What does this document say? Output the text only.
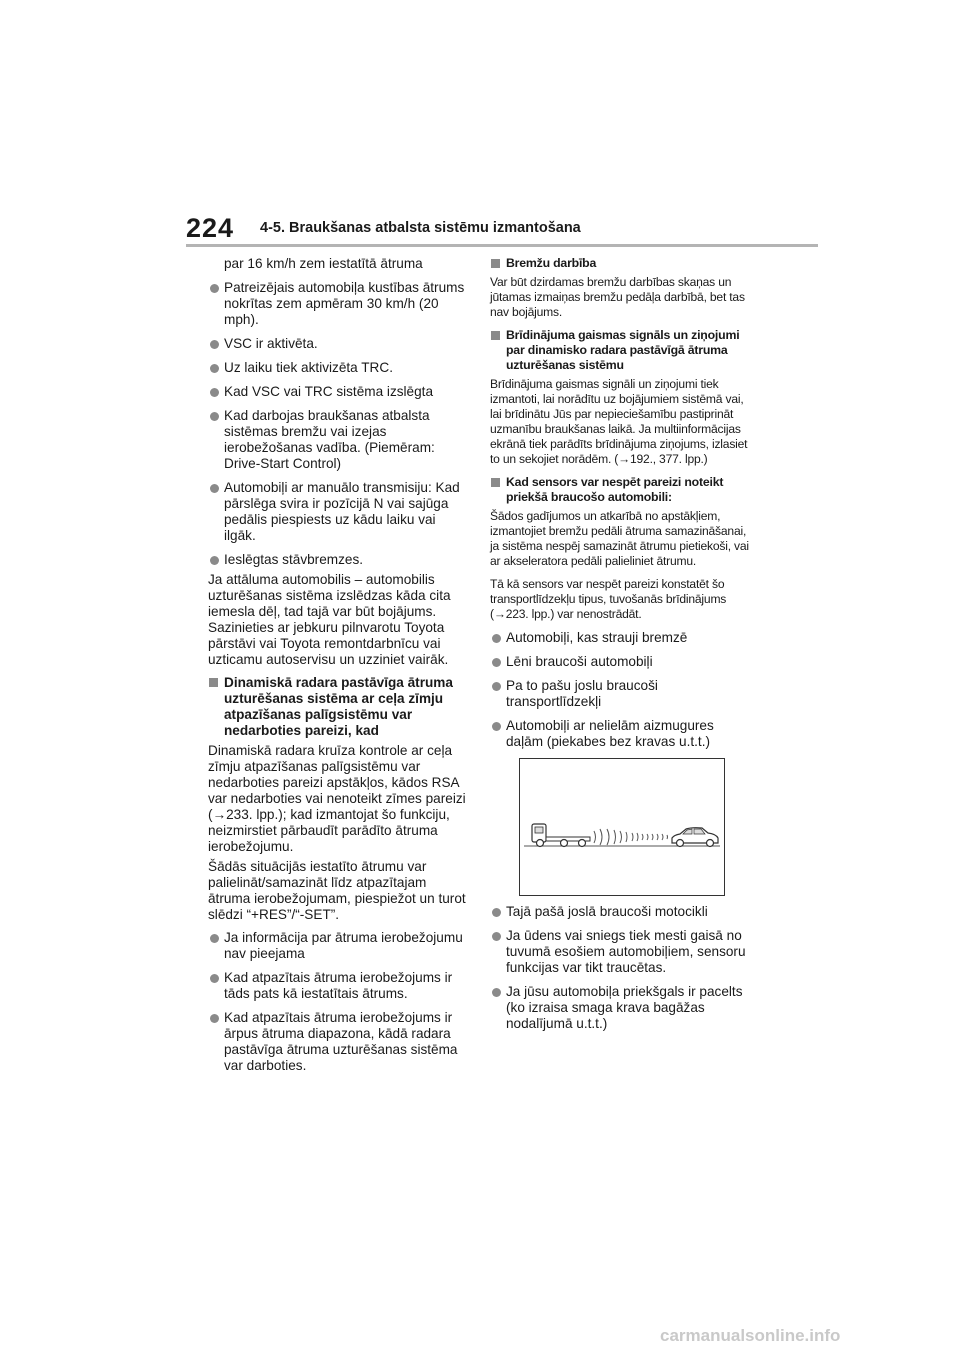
224 4-5. Braukšanas atbalsta sistēmu izmantošana

par 16 km/h zem iestatītā ātruma

Patreizējais automobiļa kustības ātrums nokrītas zem apmēram 30 km/h (20 mph).
VSC ir aktivēta.
Uz laiku tiek aktivizēta TRC.
Kad VSC vai TRC sistēma izslēgta
Kad darbojas braukšanas atbalsta sistēmas bremžu vai izejas ierobežošanas vadība. (Piemēram: Drive-Start Control)
Automobiļi ar manuālo transmisiju: Kad pārslēga svira ir pozīcijā N vai sajūga pedālis piespiests uz kādu laiku vai ilgāk.
Ieslēgtas stāvbremzes.

Ja attāluma automobilis – automobilis uzturēšanas sistēma izslēdzas kāda cita iemesla dēļ, tad tajā var būt bojājums. Sazinieties ar jebkuru pilnvarotu Toyota pārstāvi vai Toyota remontdarbnīcu vai uzticamu autoservisu un uzziniet vairāk.

Dinamiskā radara pastāvīga ātruma uzturēšanas sistēma ar ceļa zīmju atpazīšanas palīgsistēmu var nedarboties pareizi, kad

Dinamiskā radara kruīza kontrole ar ceļa zīmju atpazīšanas palīgsistēmu var nedarboties pareizi apstākļos, kādos RSA var nedarboties vai nenoteikt zīmes pareizi (→233. lpp.); kad izmantojat šo funkciju, neizmirstiet pārbaudīt parādīto ātruma ierobežojumu.

Šādās situācijās iestatīto ātrumu var palielināt/samazināt līdz atpazītajam ātruma ierobežojumam, piespiežot un turot slēdzi “+RES”/“-SET”.

Ja informācija par ātruma ierobežojumu nav pieejama
Kad atpazītais ātruma ierobežojums ir tāds pats kā iestatītais ātrums.
Kad atpazītais ātruma ierobežojums ir ārpus ātruma diapazona, kādā radara pastāvīga ātruma uzturēšanas sistēma var darboties.
Bremžu darbība

Var būt dzirdamas bremžu darbības skaņas un jūtamas izmaiņas bremžu pedāļa darbībā, bet tas nav bojājums.

Brīdinājuma gaismas signāls un ziņojumi par dinamisko radara pastāvīgā ātruma uzturēšanas sistēmu

Brīdinājuma gaismas signāli un ziņojumi tiek izmantoti, lai norādītu uz bojājumiem sistēmā vai, lai brīdinātu Jūs par nepieciešamību pastiprināt uzmanību braukšanas laikā. Ja multiinformācijas ekrānā tiek parādīts brīdinājuma ziņojums, izlasiet to un sekojiet norādēm. (→192., 377. lpp.)

Kad sensors var nespēt pareizi noteikt priekšā braucošo automobili:

Šādos gadījumos un atkarībā no apstākļiem, izmantojiet bremžu pedāli ātruma samazināšanai, ja sistēma nespēj samazināt ātrumu pietiekoši, vai ar akseleratora pedāli palieliniet ātrumu.

Tā kā sensors var nespēt pareizi konstatēt šo transportlīdzekļu tipus, tuvošanās brīdinājums (→223. lpp.) var nenostrādāt.

Automobiļi, kas strauji bremzē
Lēni braucoši automobiļi
Pa to pašu joslu braucoši transportlīdzekļi
Automobiļi ar nelielām aizmugures daļām (piekabes bez kravas u.t.t.)
Tajā pašā joslā braucoši motocikli
Ja ūdens vai sniegs tiek mesti gaisā no tuvumā esošiem automobiļiem, sensoru funkcijas var tikt traucētas.
Ja jūsu automobiļa priekšgals ir pacelts (ko izraisa smaga krava bagāžas nodalījumā u.t.t.)
carmanualsonline.info
